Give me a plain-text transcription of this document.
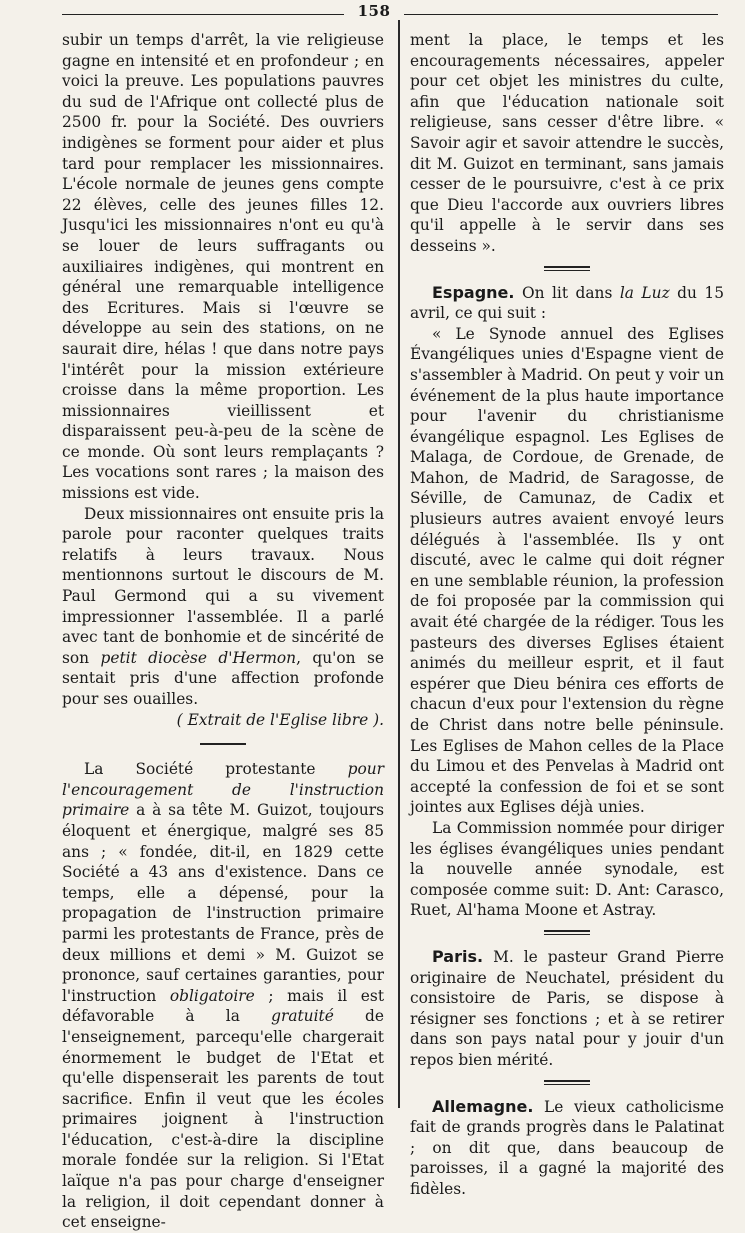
158

subir un temps d'arrêt, la vie religieuse gagne en intensité et en profondeur ; en voici la preuve. Les populations pauvres du sud de l'Afrique ont collecté plus de 2500 fr. pour la Société. Des ouvriers indigènes se forment pour aider et plus tard pour remplacer les missionnaires. L'école normale de jeunes gens compte 22 élèves, celle des jeunes filles 12. Jusqu'ici les missionnaires n'ont eu qu'à se louer de leurs suffragants ou auxiliaires indigènes, qui montrent en général une remarquable intelligence des Ecritures. Mais si l'œuvre se développe au sein des stations, on ne saurait dire, hélas ! que dans notre pays l'intérêt pour la mission extérieure croisse dans la même proportion. Les missionnaires vieillissent et disparaissent peu-à-peu de la scène de ce monde. Où sont leurs remplaçants ? Les vocations sont rares ; la maison des missions est vide.

Deux missionnaires ont ensuite pris la parole pour raconter quelques traits relatifs à leurs travaux. Nous mentionnons surtout le discours de M. Paul Germond qui a su vivement impressionner l'assemblée. Il a parlé avec tant de bonhomie et de sincérité de son petit diocèse d'Hermon, qu'on se sentait pris d'une affection profonde pour ses ouailles.

( Extrait de l'Eglise libre ).

La Société protestante pour l'encouragement de l'instruction primaire a à sa tête M. Guizot, toujours éloquent et énergique, malgré ses 85 ans ; « fondée, dit-il, en 1829 cette Société a 43 ans d'existence. Dans ce temps, elle a dépensé, pour la propagation de l'instruction primaire parmi les protestants de France, près de deux millions et demi » M. Guizot se prononce, sauf certaines garanties, pour l'instruction obligatoire ; mais il est défavorable à la gratuité de l'enseignement, parcequ'elle chargerait énormement le budget de l'Etat et qu'elle dispenserait les parents de tout sacrifice. Enfin il veut que les écoles primaires joignent à l'instruction l'éducation, c'est-à-dire la discipline morale fondée sur la religion. Si l'Etat laïque n'a pas pour charge d'enseigner la religion, il doit cependant donner à cet enseigne-

ment la place, le temps et les encouragements nécessaires, appeler pour cet objet les ministres du culte, afin que l'éducation nationale soit religieuse, sans cesser d'être libre. « Savoir agir et savoir attendre le succès, dit M. Guizot en terminant, sans jamais cesser de le poursuivre, c'est à ce prix que Dieu l'accorde aux ouvriers libres qu'il appelle à le servir dans ses desseins ».

Espagne. On lit dans la Luz du 15 avril, ce qui suit :

« Le Synode annuel des Eglises Évangéliques unies d'Espagne vient de s'assembler à Madrid. On peut y voir un événement de la plus haute importance pour l'avenir du christianisme évangélique espagnol. Les Eglises de Malaga, de Cordoue, de Grenade, de Mahon, de Madrid, de Saragosse, de Séville, de Camunaz, de Cadix et plusieurs autres avaient envoyé leurs délégués à l'assemblée. Ils y ont discuté, avec le calme qui doit régner en une semblable réunion, la profession de foi proposée par la commission qui avait été chargée de la rédiger. Tous les pasteurs des diverses Eglises étaient animés du meilleur esprit, et il faut espérer que Dieu bénira ces efforts de chacun d'eux pour l'extension du règne de Christ dans notre belle péninsule. Les Eglises de Mahon celles de la Place du Limou et des Penvelas à Madrid ont accepté la confession de foi et se sont jointes aux Eglises déjà unies.

La Commission nommée pour diriger les églises évangéliques unies pendant la nouvelle année synodale, est composée comme suit: D. Ant: Carasco, Ruet, Al'hama Moone et Astray.

Paris. M. le pasteur Grand Pierre originaire de Neuchatel, président du consistoire de Paris, se dispose à résigner ses fonctions ; et à se retirer dans son pays natal pour y jouir d'un repos bien mérité.

Allemagne. Le vieux catholicisme fait de grands progrès dans le Palatinat ; on dit que, dans beaucoup de paroisses, il a gagné la majorité des fidèles.
